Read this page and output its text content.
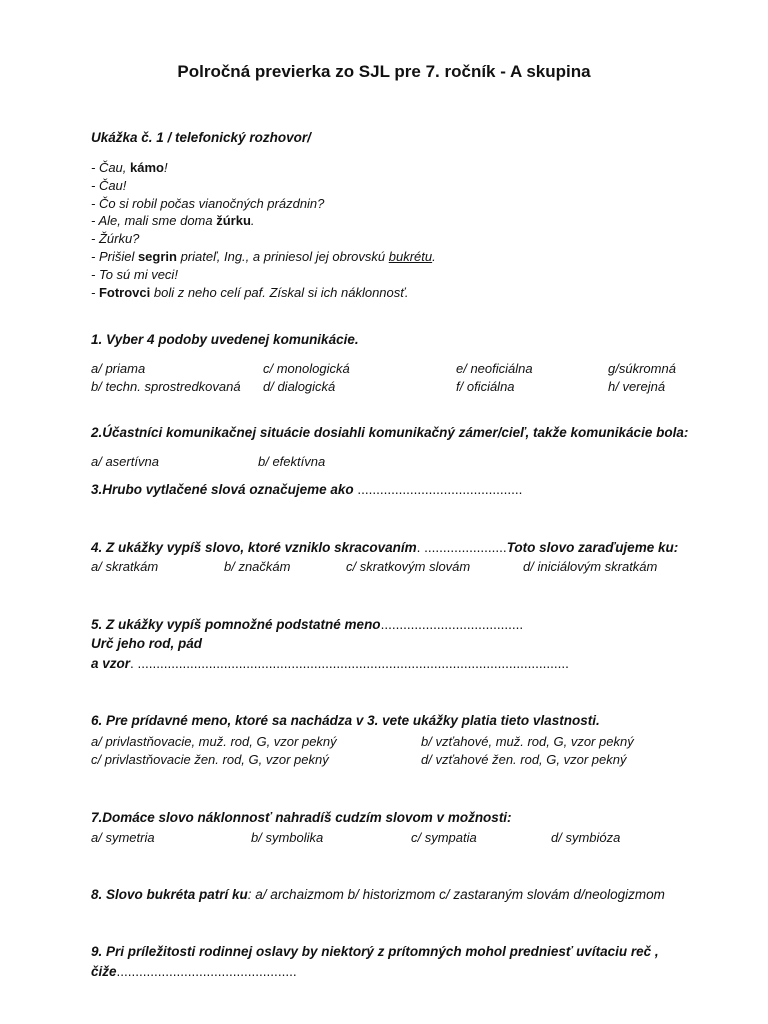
Polročná previerka zo SJL pre 7. ročník - A skupina
Ukážka č. 1 / telefonický rozhovor/
- Čau, kámo!
- Čau!
- Čo si robil počas vianočných prázdnin?
- Ale, mali sme doma žúrku.
- Žúrku?
- Prišiel segrin priateľ, Ing., a priniesol jej obrovskú bukrétu.
- To sú mi veci!
- Fotrovci boli z neho celí paf. Získal si ich náklonnosť.
1. Vyber 4 podoby uvedenej komunikácie.
a/ priama	c/ monologická	e/ neoficiálna	g/súkromná
b/ techn. sprostredkovaná d/ dialogická	f/ oficiálna	h/ verejná
2.Účastníci komunikačnej situácie dosiahli komunikačný zámer/cieľ, takže komunikácie bola:
a/ asertívna	b/ efektívna
3.Hrubo vytlačené slová označujeme ako ............................................
4. Z ukážky vypíš slovo, ktoré vzniklo skracovaním. ......................Toto slovo zaraďujeme ku:
a/ skratkám	b/ značkám	c/ skratkovým slovám	d/ iniciálovým skratkám
5. Z ukážky vypíš pomnožné podstatné meno......................................
Urč jeho rod, pád
a vzor. ...................................................................................................................
6. Pre prídavné meno, ktoré sa nachádza v 3. vete ukážky platia tieto vlastnosti.
a/ privlastňovacie, muž. rod, G, vzor pekný	b/ vzťahové, muž. rod, G, vzor pekný
c/ privlastňovacie žen. rod, G, vzor pekný	d/ vzťahové žen. rod, G, vzor pekný
7.Domáce slovo náklonnosť nahradíš cudzím slovom v možnosti:
a/ symetria	b/ symbolika	c/ sympatia	d/ symbióza
8. Slovo bukréta patrí ku: a/ archaizmom b/ historizmom c/ zastaraným slovám d/neologizmom
9. Pri príležitosti rodinnej oslavy by niektorý z prítomných mohol predniesť uvítaciu reč ,
čiže................................................
